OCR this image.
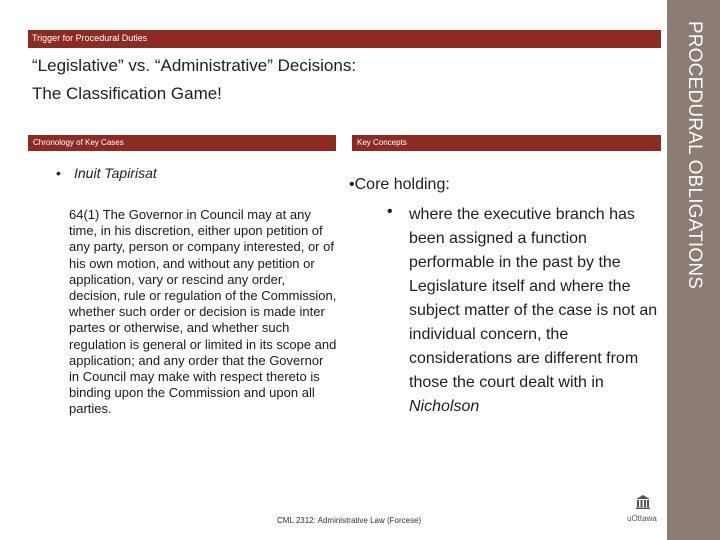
PROCEDURAL OBLIGATIONS
Trigger for Procedural Duties
“Legislative” vs. “Administrative” Decisions:
The Classification Game!
Chronology of Key Cases	Key Concepts
• Inuit Tapirisat
64(1) The Governor in Council may at any time, in his discretion, either upon petition of any party, person or company interested, or of his own motion, and without any petition or application, vary or rescind any order, decision, rule or regulation of the Commission, whether such order or decision is made inter partes or otherwise, and whether such regulation is general or limited in its scope and application; and any order that the Governor in Council may make with respect thereto is binding upon the Commission and upon all parties.
•Core holding:
• where the executive branch has been assigned a function performable in the past by the Legislature itself and where the subject matter of the case is not an individual concern, the considerations are different from those the court dealt with in Nicholson
CML 2312: Administrative Law (Forcese)	uOttawa
